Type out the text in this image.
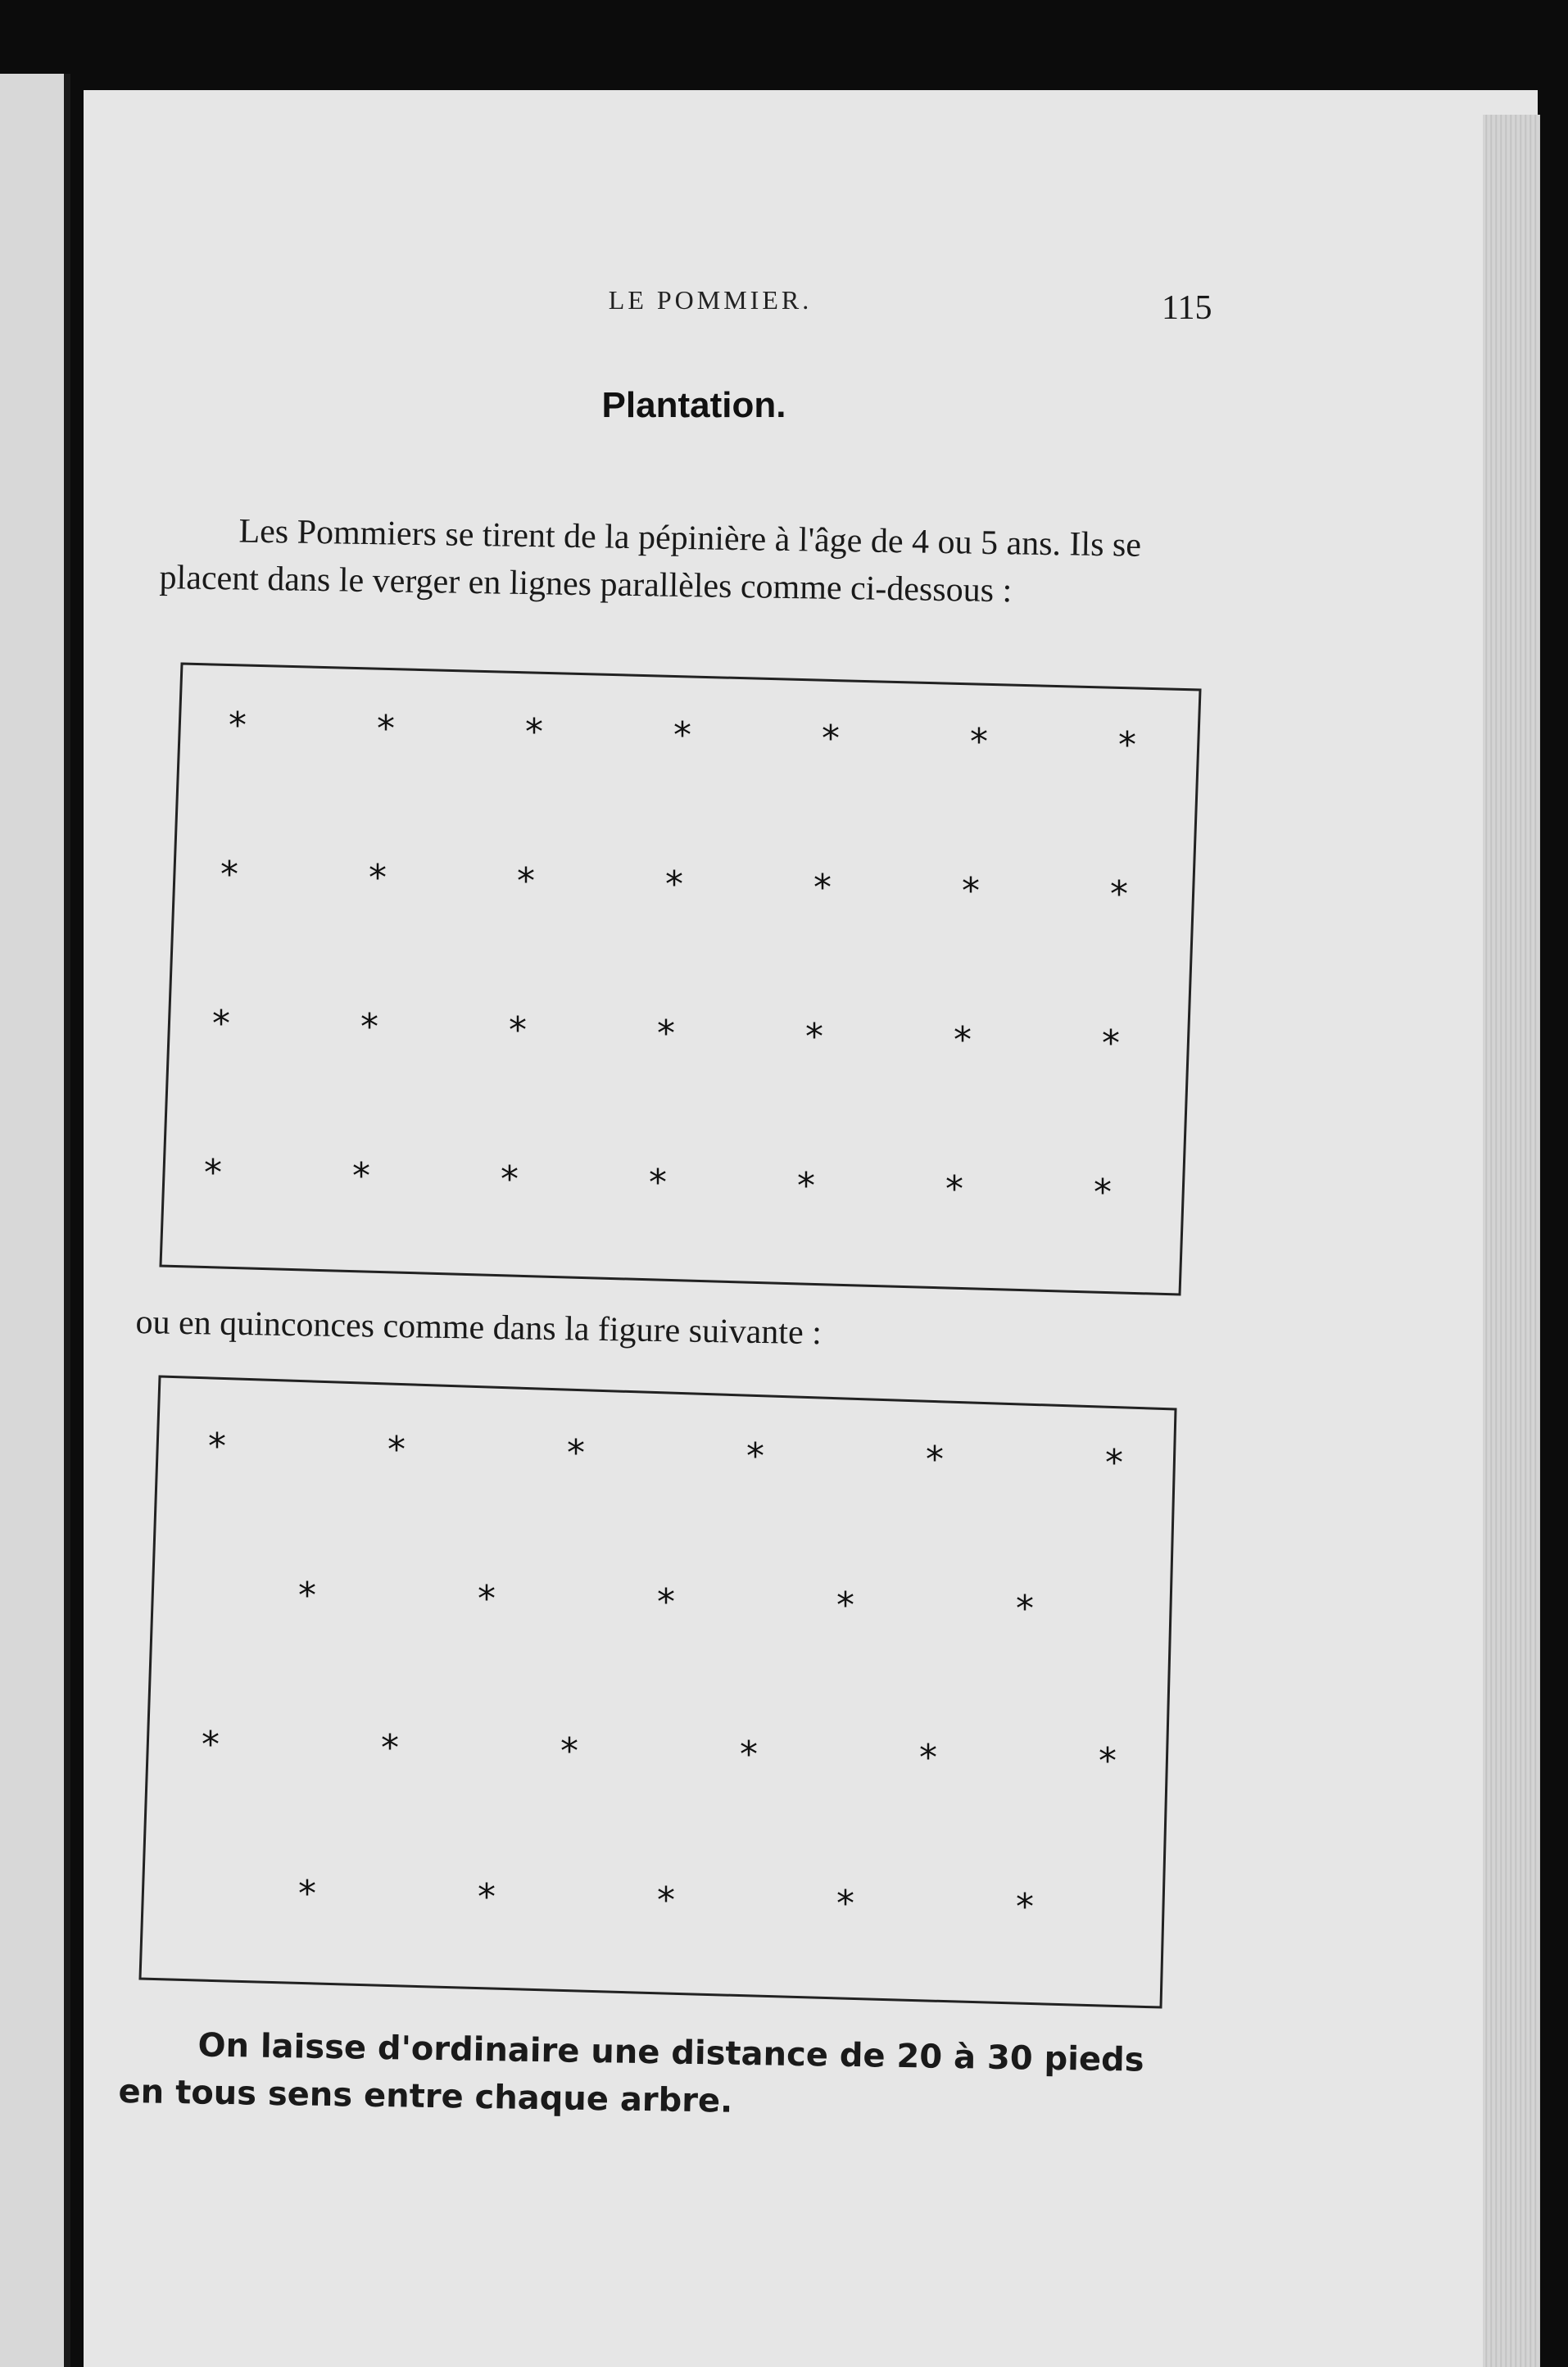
LE POMMIER.	115
Plantation.
Les Pommiers se tirent de la pépinière à l'âge de 4 ou 5 ans. Ils se placent dans le verger en lignes parallèles comme ci-dessous :
*	*	*	*	*	*	*
*	*	*	*	*	*	*
*	*	*	*	*	*	*
*	*	*	*	*	*	*
ou en quinconces comme dans la figure suivante :
*	*	*	*	*	*
*	*	*	*	*
*	*	*	*	*	*
*	*	*	*	*
On laisse d'ordinaire une distance de 20 à 30 pieds en tous sens entre chaque arbre.
